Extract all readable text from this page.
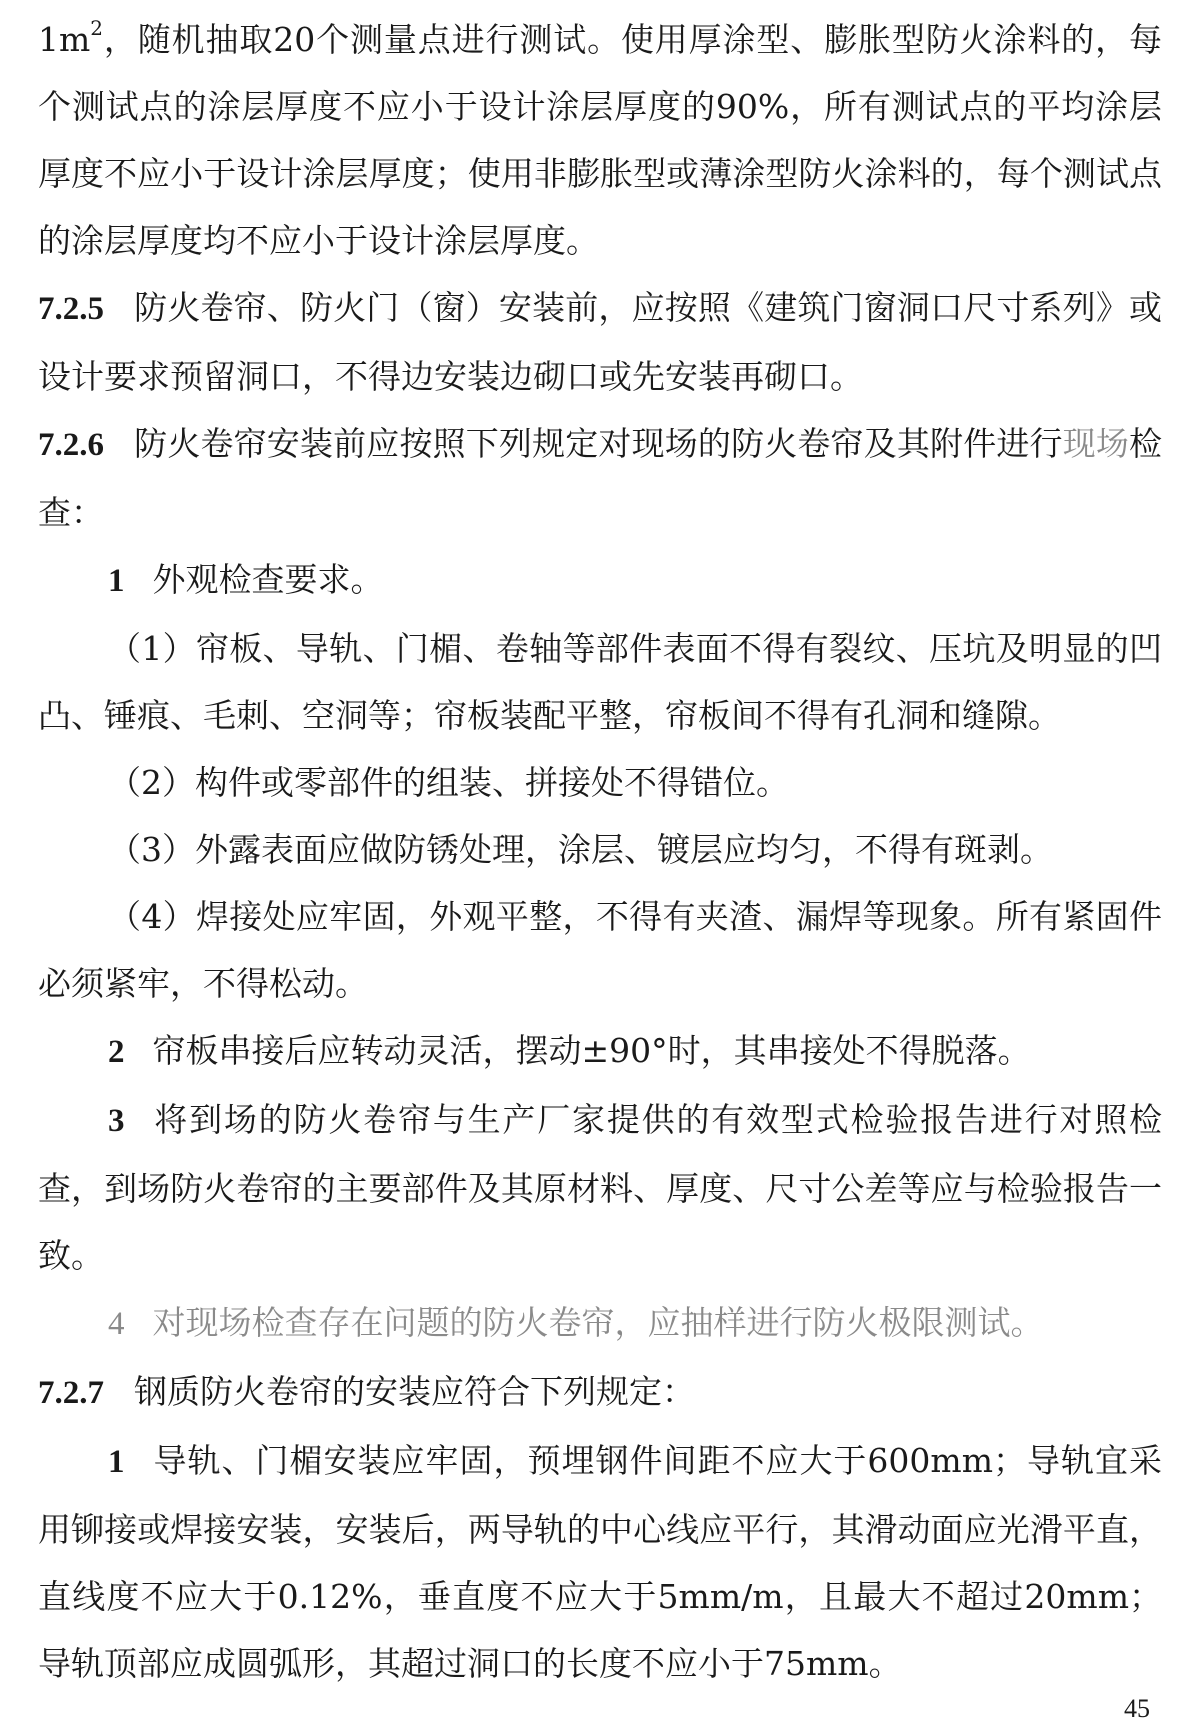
$1m^2$，随机抽取20个测量点进行测试。使用厚涂型、膨胀型防火涂料的，每个测试点的涂层厚度不应小于设计涂层厚度的90%，所有测试点的平均涂层厚度不应小于设计涂层厚度；使用非膨胀型或薄涂型防火涂料的，每个测试点的涂层厚度均不应小于设计涂层厚度。

7.2.5 防火卷帘、防火门（窗）安装前，应按照《建筑门窗洞口尺寸系列》或设计要求预留洞口，不得边安装边砌口或先安装再砌口。

7.2.6 防火卷帘安装前应按照下列规定对现场的防火卷帘及其附件进行现场检查：

1 外观检查要求。

（1）帘板、导轨、门楣、卷轴等部件表面不得有裂纹、压坑及明显的凹凸、锤痕、毛刺、空洞等；帘板装配平整，帘板间不得有孔洞和缝隙。

（2）构件或零部件的组装、拼接处不得错位。

（3）外露表面应做防锈处理，涂层、镀层应均匀，不得有斑剥。

（4）焊接处应牢固，外观平整，不得有夹渣、漏焊等现象。所有紧固件必须紧牢，不得松动。

2 帘板串接后应转动灵活，摆动±90°时，其串接处不得脱落。

3 将到场的防火卷帘与生产厂家提供的有效型式检验报告进行对照检查，到场防火卷帘的主要部件及其原材料、厚度、尺寸公差等应与检验报告一致。

4 对现场检查存在问题的防火卷帘，应抽样进行防火极限测试。

7.2.7 钢质防火卷帘的安装应符合下列规定：

1 导轨、门楣安装应牢固，预埋钢件间距不应大于600mm；导轨宜采用铆接或焊接安装，安装后，两导轨的中心线应平行，其滑动面应光滑平直，直线度不应大于0.12%，垂直度不应大于5mm/m，且最大不超过20mm；导轨顶部应成圆弧形，其超过洞口的长度不应小于75mm。

45
